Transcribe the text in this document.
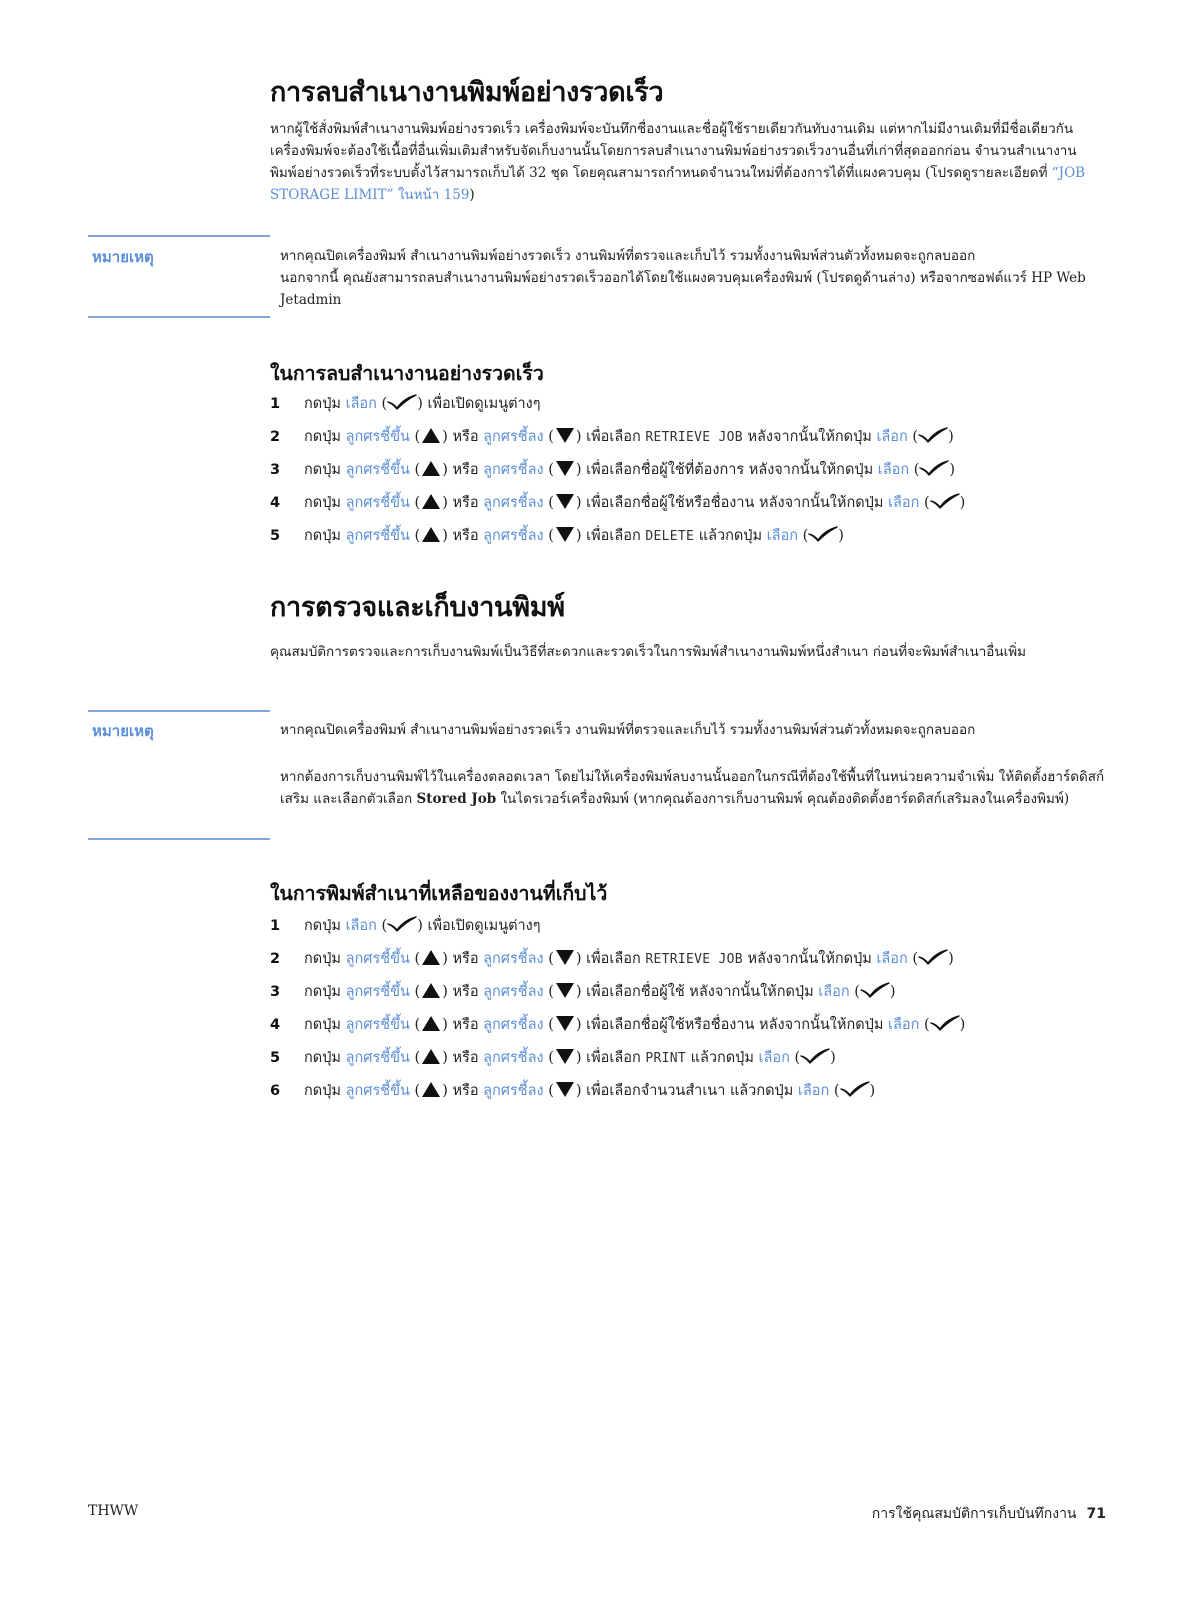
การลบสำเนางานพิมพ์อย่างรวดเร็ว

หากผู้ใช้สั่งพิมพ์สำเนางานพิมพ์อย่างรวดเร็ว เครื่องพิมพ์จะบันทึกชื่องานและชื่อผู้ใช้รายเดียวกันทับงานเดิม แต่หากไม่มีงานเดิมที่มีชื่อเดียวกัน เครื่องพิมพ์จะต้องใช้เนื้อที่อื่นเพิ่มเติมสำหรับจัดเก็บงานนั้นโดยการลบสำเนางานพิมพ์อย่างรวดเร็วงานอื่นที่เก่าที่สุดออกก่อน จำนวนสำเนางานพิมพ์อย่างรวดเร็วที่ระบบตั้งไว้สามารถเก็บได้ 32 ชุด โดยคุณสามารถกำหนดจำนวนใหม่ที่ต้องการได้ที่แผงควบคุม (โปรดดูรายละเอียดที่ “JOB STORAGE LIMIT” ในหน้า 159)

หมายเหตุ	หากคุณปิดเครื่องพิมพ์ สำเนางานพิมพ์อย่างรวดเร็ว งานพิมพ์ที่ตรวจและเก็บไว้ รวมทั้งงานพิมพ์ส่วนตัวทั้งหมดจะถูกลบออก

นอกจากนี้ คุณยังสามารถลบสำเนางานพิมพ์อย่างรวดเร็วออกได้โดยใช้แผงควบคุมเครื่องพิมพ์ (โปรดดูด้านล่าง) หรือจากซอฟต์แวร์ HP Web Jetadmin

ในการลบสำเนางานอย่างรวดเร็ว
1	กดปุ่ม เลือก ( ) เพื่อเปิดดูเมนูต่างๆ
2	กดปุ่ม ลูกศรชี้ขึ้น ( ) หรือ ลูกศรชี้ลง ( ) เพื่อเลือก RETRIEVE JOB หลังจากนั้นให้กดปุ่ม เลือก ( )
3	กดปุ่ม ลูกศรชี้ขึ้น ( ) หรือ ลูกศรชี้ลง ( ) เพื่อเลือกชื่อผู้ใช้ที่ต้องการ หลังจากนั้นให้กดปุ่ม เลือก ( )
4	กดปุ่ม ลูกศรชี้ขึ้น ( ) หรือ ลูกศรชี้ลง ( ) เพื่อเลือกชื่อผู้ใช้หรือชื่องาน หลังจากนั้นให้กดปุ่ม เลือก ( )
5	กดปุ่ม ลูกศรชี้ขึ้น ( ) หรือ ลูกศรชี้ลง ( ) เพื่อเลือก DELETE แล้วกดปุ่ม เลือก ( )
การตรวจและเก็บงานพิมพ์

คุณสมบัติการตรวจและการเก็บงานพิมพ์เป็นวิธีที่สะดวกและรวดเร็วในการพิมพ์สำเนางานพิมพ์หนึ่งสำเนา ก่อนที่จะพิมพ์สำเนาอื่นเพิ่ม

หมายเหตุ	หากคุณปิดเครื่องพิมพ์ สำเนางานพิมพ์อย่างรวดเร็ว งานพิมพ์ที่ตรวจและเก็บไว้ รวมทั้งงานพิมพ์ส่วนตัวทั้งหมดจะถูกลบออก

หากต้องการเก็บงานพิมพ์ไว้ในเครื่องตลอดเวลา โดยไม่ให้เครื่องพิมพ์ลบงานนั้นออกในกรณีที่ต้องใช้พื้นที่ในหน่วยความจำเพิ่ม ให้ติดตั้งฮาร์ดดิสก์เสริม และเลือกตัวเลือก Stored Job ในไดรเวอร์เครื่องพิมพ์ (หากคุณต้องการเก็บงานพิมพ์ คุณต้องติดตั้งฮาร์ดดิสก์เสริมลงในเครื่องพิมพ์)

ในการพิมพ์สำเนาที่เหลือของงานที่เก็บไว้
1	กดปุ่ม เลือก ( ) เพื่อเปิดดูเมนูต่างๆ
2	กดปุ่ม ลูกศรชี้ขึ้น ( ) หรือ ลูกศรชี้ลง ( ) เพื่อเลือก RETRIEVE JOB หลังจากนั้นให้กดปุ่ม เลือก ( )
3	กดปุ่ม ลูกศรชี้ขึ้น ( ) หรือ ลูกศรชี้ลง ( ) เพื่อเลือกชื่อผู้ใช้ หลังจากนั้นให้กดปุ่ม เลือก ( )
4	กดปุ่ม ลูกศรชี้ขึ้น ( ) หรือ ลูกศรชี้ลง ( ) เพื่อเลือกชื่อผู้ใช้หรือชื่องาน หลังจากนั้นให้กดปุ่ม เลือก ( )
5	กดปุ่ม ลูกศรชี้ขึ้น ( ) หรือ ลูกศรชี้ลง ( ) เพื่อเลือก PRINT แล้วกดปุ่ม เลือก ( )
6	กดปุ่ม ลูกศรชี้ขึ้น ( ) หรือ ลูกศรชี้ลง ( ) เพื่อเลือกจำนวนสำเนา แล้วกดปุ่ม เลือก ( )

THWW	การใช้คุณสมบัติการเก็บบันทึกงาน 71
